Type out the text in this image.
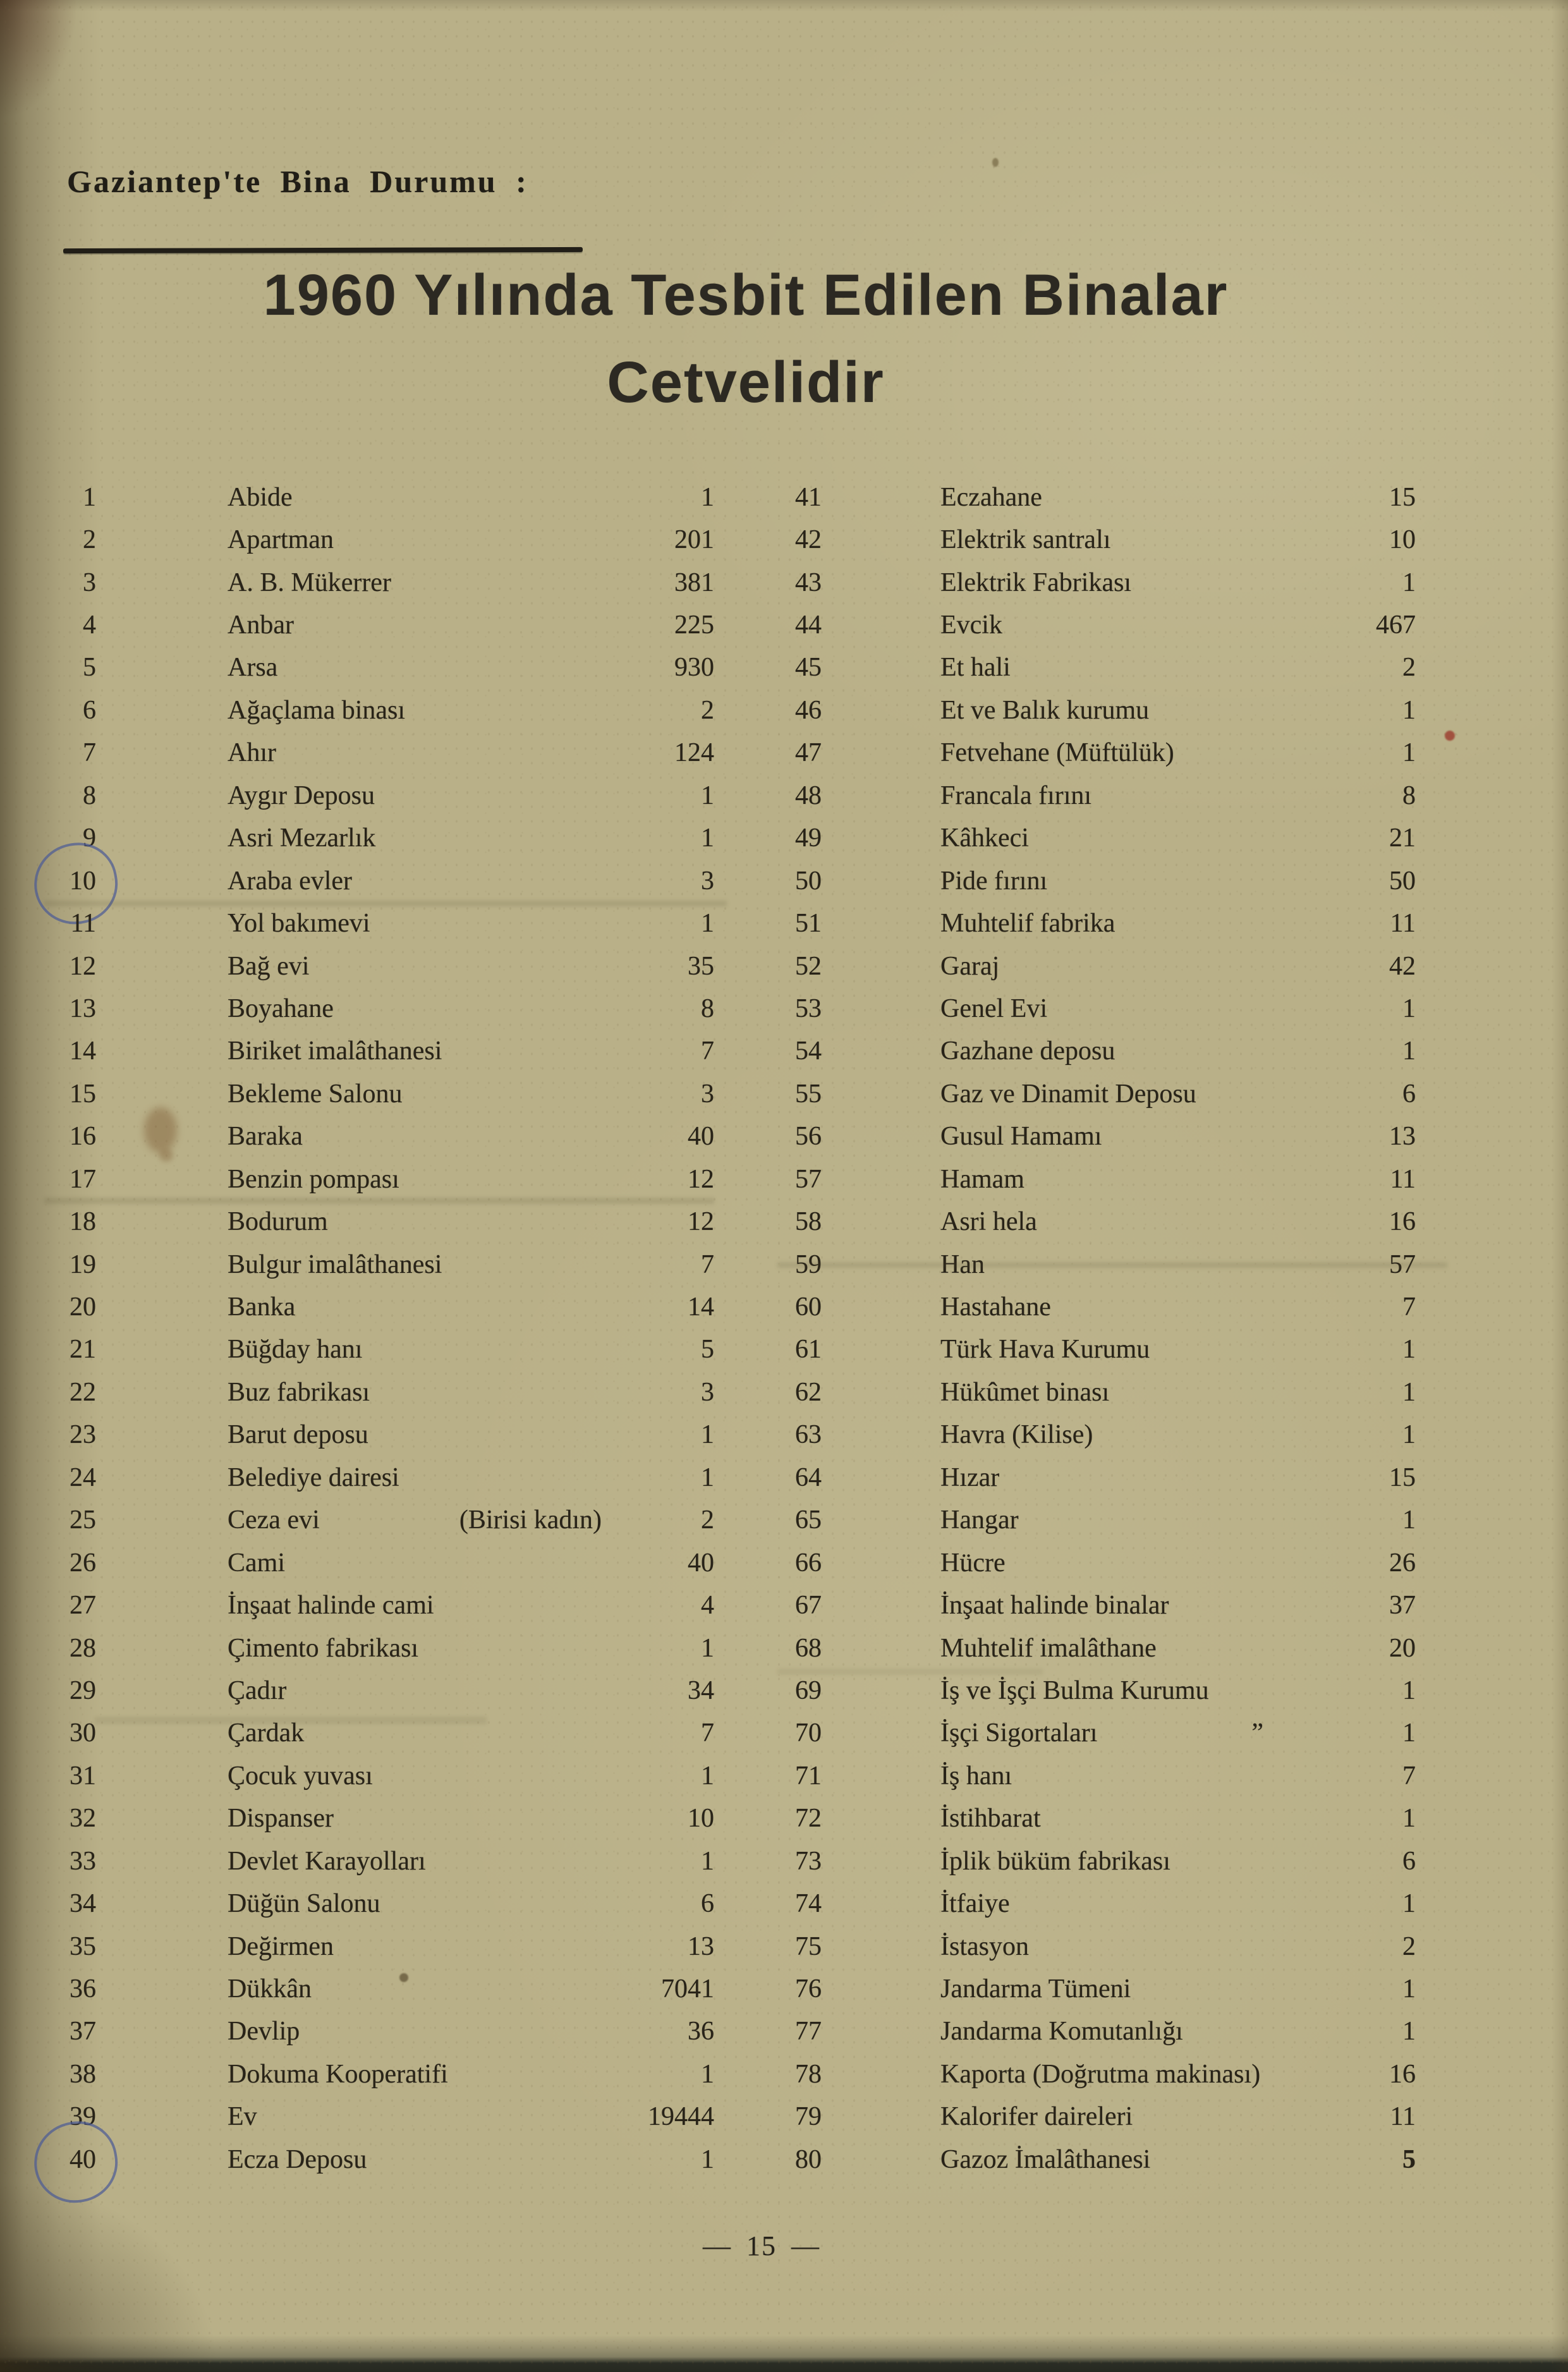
Gaziantep'te Bina Durumu :
1960 Yılında Tesbit Edilen Binalar
Cetvelidir
1	Abide	1
2	Apartman	201
3	A. B. Mükerrer	381
4	Anbar	225
5	Arsa	930
6	Ağaçlama binası	2
7	Ahır	124
8	Aygır Deposu	1
9	Asri Mezarlık	1
10	Araba evler	3
11	Yol bakımevi	1
12	Bağ evi	35
13	Boyahane	8
14	Biriket imalâthanesi	7
15	Bekleme Salonu	3
16	Baraka	40
17	Benzin pompası	12
18	Bodurum	12
19	Bulgur imalâthanesi	7
20	Banka	14
21	Büğday hanı	5
22	Buz fabrikası	3
23	Barut deposu	1
24	Belediye dairesi	1
25	Ceza evi	(Birisi kadın)	2
26	Cami	40
27	İnşaat halinde cami	4
28	Çimento fabrikası	1
29	Çadır	34
30	Çardak	7
31	Çocuk yuvası	1
32	Dispanser	10
33	Devlet Karayolları	1
34	Düğün Salonu	6
35	Değirmen	13
36	Dükkân	7041
37	Devlip	36
38	Dokuma Kooperatifi	1
39	Ev	19444
40	Ecza Deposu	1
41	Eczahane	15
42	Elektrik santralı	10
43	Elektrik Fabrikası	1
44	Evcik	467
45	Et hali	2
46	Et ve Balık kurumu	1
47	Fetvehane (Müftülük)	1
48	Francala fırını	8
49	Kâhkeci	21
50	Pide fırını	50
51	Muhtelif fabrika	11
52	Garaj	42
53	Genel Evi	1
54	Gazhane deposu	1
55	Gaz ve Dinamit Deposu	6
56	Gusul Hamamı	13
57	Hamam	11
58	Asri hela	16
59	Han	57
60	Hastahane	7
61	Türk Hava Kurumu	1
62	Hükûmet binası	1
63	Havra (Kilise)	1
64	Hızar	15
65	Hangar	1
66	Hücre	26
67	İnşaat halinde binalar	37
68	Muhtelif imalâthane	20
69	İş ve İşçi Bulma Kurumu	1
70	İşçi Sigortaları	”	1
71	İş hanı	7
72	İstihbarat	1
73	İplik büküm fabrikası	6
74	İtfaiye	1
75	İstasyon	2
76	Jandarma Tümeni	1
77	Jandarma Komutanlığı	1
78	Kaporta (Doğrutma makinası)	16
79	Kalorifer daireleri	11
80	Gazoz İmalâthanesi	5
— 15 —
